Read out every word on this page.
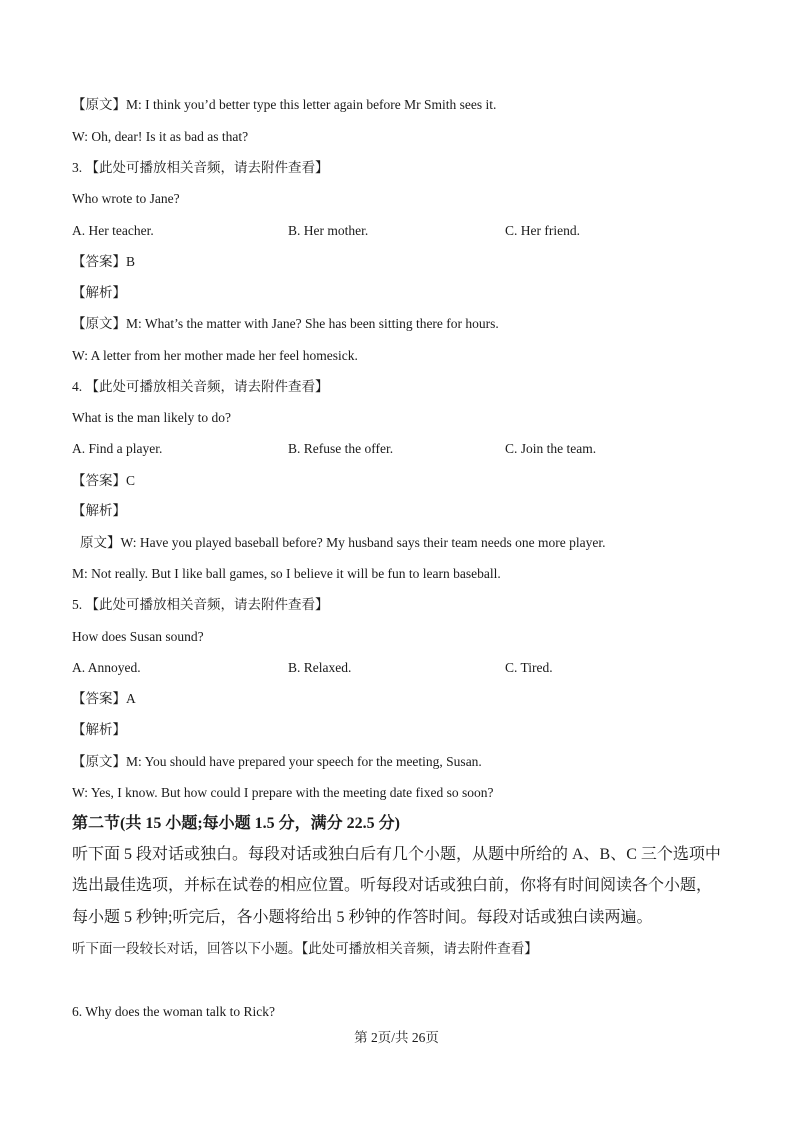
【原文】M: I think you’d better type this letter again before Mr Smith sees it.
W: Oh, dear! Is it as bad as that?
3. 【此处可播放相关音频，请去附件查看】
Who wrote to Jane?
A. Her teacher.	B. Her mother.	C. Her friend.
【答案】B
【解析】
【原文】M: What’s the matter with Jane? She has been sitting there for hours.
W: A letter from her mother made her feel homesick.
4. 【此处可播放相关音频，请去附件查看】
What is the man likely to do?
A. Find a player.	B. Refuse the offer.	C. Join the team.
【答案】C
【解析】
原文】W: Have you played baseball before? My husband says their team needs one more player.
M: Not really. But I like ball games, so I believe it will be fun to learn baseball.
5. 【此处可播放相关音频，请去附件查看】
How does Susan sound?
A. Annoyed.	B. Relaxed.	C. Tired.
【答案】A
【解析】
【原文】M: You should have prepared your speech for the meeting, Susan.
W: Yes, I know. But how could I prepare with the meeting date fixed so soon?
第二节(共 15 小题;每小题 1.5 分，满分 22.5 分)
听下面 5 段对话或独白。每段对话或独白后有几个小题，从题中所给的 A、B、C 三个选项中
选出最佳选项，并标在试卷的相应位置。听每段对话或独白前，你将有时间阅读各个小题，
每小题 5 秒钟;听完后，各小题将给出 5 秒钟的作答时间。每段对话或独白读两遍。
听下面一段较长对话，回答以下小题。【此处可播放相关音频，请去附件查看】
6. Why does the woman talk to Rick?
第 2页/共 26页
